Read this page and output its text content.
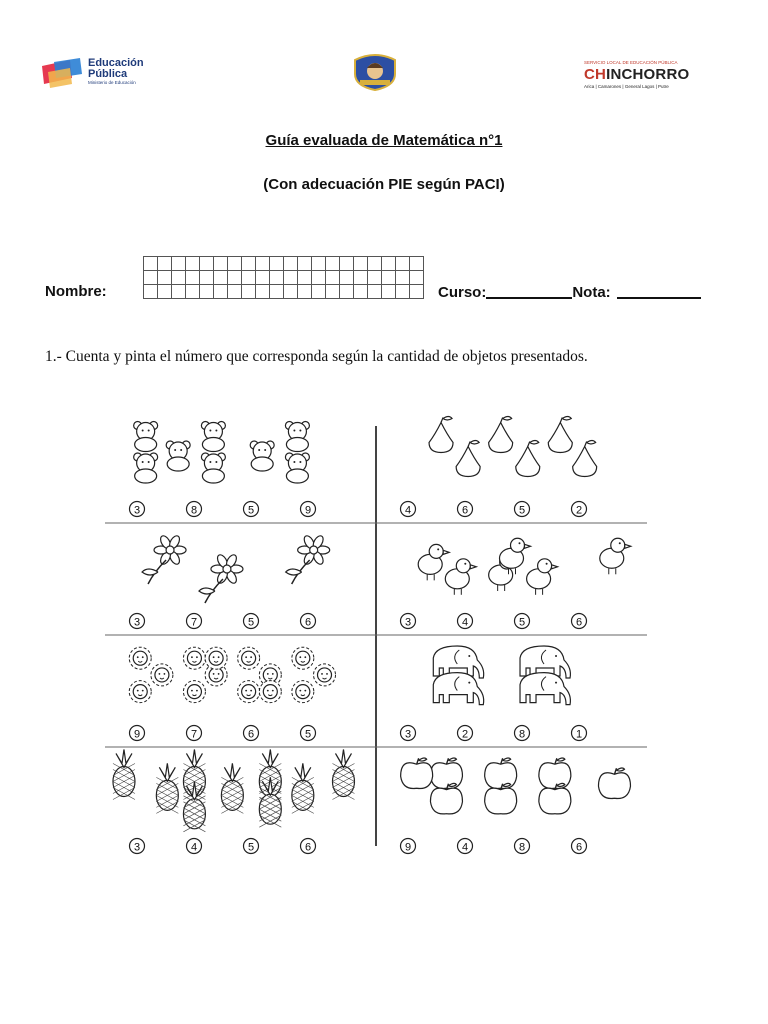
Educación
Pública
Ministerio de Educación
SERVICIO LOCAL DE EDUCACIÓN PÚBLICA
CHINCHORRO
Arica | Camarones | General Lagos | Putre
Guía evaluada de Matemática n°1
(Con adecuación PIE según PACI)
Nombre:	Curso:	Nota:
1.- Cuenta y pinta el número que corresponda según la cantidad de objetos presentados.
3	8	5	9	4	6	5	2
3	7	5	6	3	4	5	6
9	7	6	5	3	2	8	1
3	4	5	6	9	4	8	6
